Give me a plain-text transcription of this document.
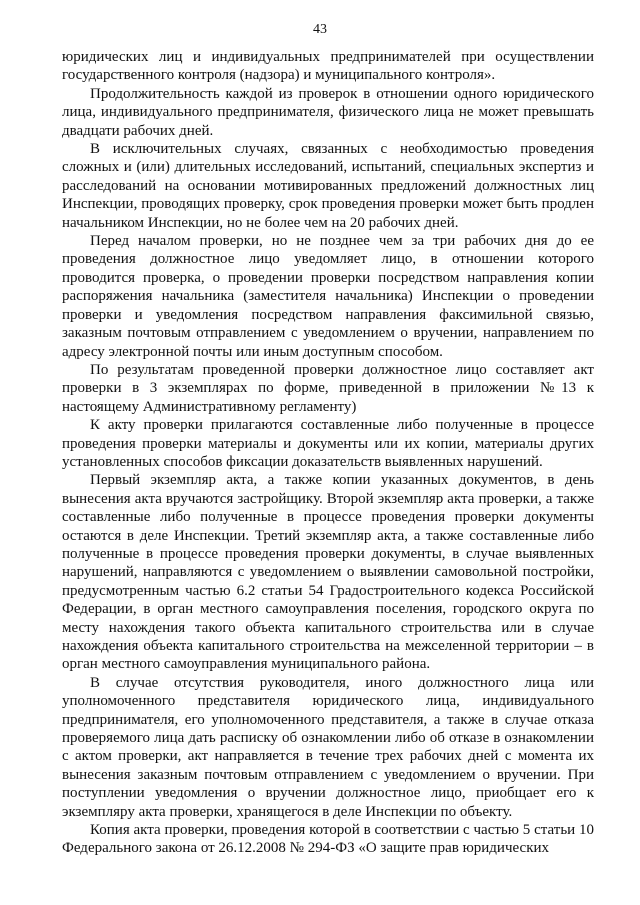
43

юридических лиц и индивидуальных предпринимателей при осуществлении государственного контроля (надзора) и муниципального контроля».

Продолжительность каждой из проверок в отношении одного юридического лица, индивидуального предпринимателя, физического лица не может превышать двадцати рабочих дней.

В исключительных случаях, связанных с необходимостью проведения сложных и (или) длительных исследований, испытаний, специальных экспертиз и расследований на основании мотивированных предложений должностных лиц Инспекции, проводящих проверку, срок проведения проверки может быть продлен начальником Инспекции, но не более чем на 20 рабочих дней.

Перед началом проверки, но не позднее чем за три рабочих дня до ее проведения должностное лицо уведомляет лицо, в отношении которого проводится проверка, о проведении проверки посредством направления копии распоряжения начальника (заместителя начальника) Инспекции о проведении проверки и уведомления посредством направления факсимильной связью, заказным почтовым отправлением с уведомлением о вручении, направлением по адресу электронной почты или иным доступным способом.

По результатам проведенной проверки должностное лицо составляет акт проверки в 3 экземплярах по форме, приведенной в приложении №13 к настоящему Административному регламенту)

К акту проверки прилагаются составленные либо полученные в процессе проведения проверки материалы и документы или их копии, материалы других установленных способов фиксации доказательств выявленных нарушений.

Первый экземпляр акта, а также копии указанных документов, в день вынесения акта вручаются застройщику. Второй экземпляр акта проверки, а также составленные либо полученные в процессе проведения проверки документы остаются в деле Инспекции. Третий экземпляр акта, а также составленные либо полученные в процессе проведения проверки документы, в случае выявленных нарушений, направляются с уведомлением о выявлении самовольной постройки, предусмотренным частью 6.2 статьи 54 Градостроительного кодекса Российской Федерации, в орган местного самоуправления поселения, городского округа по месту нахождения такого объекта капитального строительства или в случае нахождения объекта капитального строительства на межселенной территории – в орган местного самоуправления муниципального района.

В случае отсутствия руководителя, иного должностного лица или уполномоченного представителя юридического лица, индивидуального предпринимателя, его уполномоченного представителя, а также в случае отказа проверяемого лица дать расписку об ознакомлении либо об отказе в ознакомлении с актом проверки, акт направляется в течение трех рабочих дней с момента их вынесения заказным почтовым отправлением с уведомлением о вручении. При поступлении уведомления о вручении должностное лицо, приобщает его к экземпляру акта проверки, хранящегося в деле Инспекции по объекту.

Копия акта проверки, проведения которой в соответствии с частью 5 статьи 10 Федерального закона от 26.12.2008 № 294-ФЗ «О защите прав юридических
